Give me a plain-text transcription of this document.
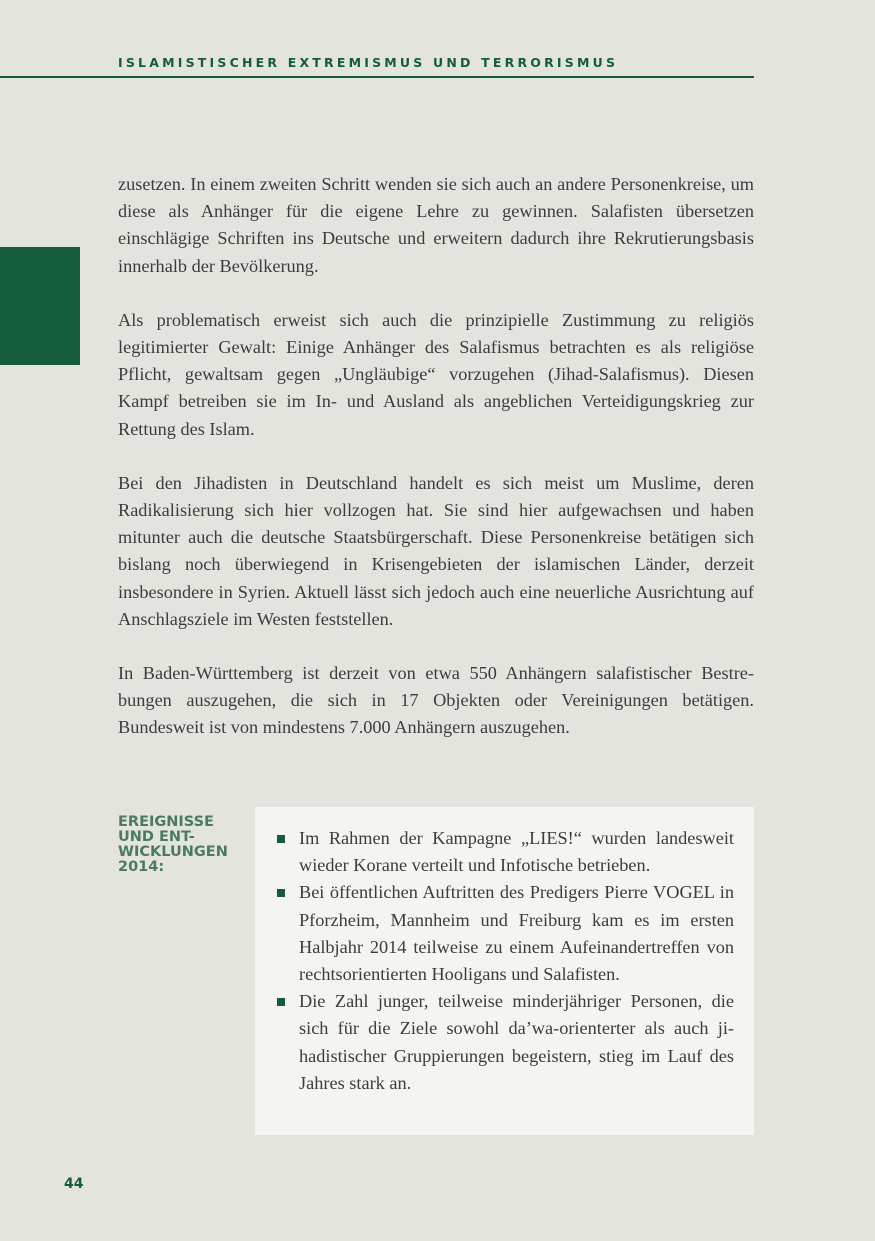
ISLAMISTISCHER EXTREMISMUS UND TERRORISMUS

zusetzen. In einem zweiten Schritt wenden sie sich auch an andere Personenkreise, um diese als Anhänger für die eigene Lehre zu gewinnen. Salafisten übersetzen einschlägige Schriften ins Deutsche und erweitern dadurch ihre Rekrutierungsbasis innerhalb der Bevölkerung.

Als problematisch erweist sich auch die prinzipielle Zustimmung zu religiös legitimierter Gewalt: Einige Anhänger des Salafismus betrachten es als religiöse Pflicht, gewaltsam gegen „Ungläubige“ vorzugehen (Jihad-Salafismus). Diesen Kampf betreiben sie im In- und Ausland als angeblichen Verteidigungskrieg zur Rettung des Islam.

Bei den Jihadisten in Deutschland handelt es sich meist um Muslime, deren Radikalisierung sich hier vollzogen hat. Sie sind hier aufgewachsen und haben mitunter auch die deutsche Staatsbürgerschaft. Diese Personenkreise betätigen sich bislang noch überwiegend in Krisengebieten der islamischen Länder, derzeit insbesondere in Syrien. Aktuell lässt sich jedoch auch eine neuerliche Ausrichtung auf Anschlagsziele im Westen feststellen.

In Baden-Württemberg ist derzeit von etwa 550 Anhängern salafistischer Bestrebungen auszugehen, die sich in 17 Objekten oder Vereinigungen betätigen. Bundesweit ist von mindestens 7.000 Anhängern auszugehen.

EREIGNISSE
UND ENT-
WICKLUNGEN
2014:
Im Rahmen der Kampagne „LIES!“ wurden landesweit wieder Korane verteilt und Infotische betrieben.
Bei öffentlichen Auftritten des Predigers Pierre VOGEL in Pforzheim, Mannheim und Freiburg kam es im ersten Halbjahr 2014 teilweise zu einem Aufeinandertreffen von rechtsorientierten Hooligans und Salafisten.
Die Zahl junger, teilweise minderjähriger Personen, die sich für die Ziele sowohl da’wa-orienterter als auch jihadistischer Gruppierungen begeistern, stieg im Lauf des Jahres stark an.
44
